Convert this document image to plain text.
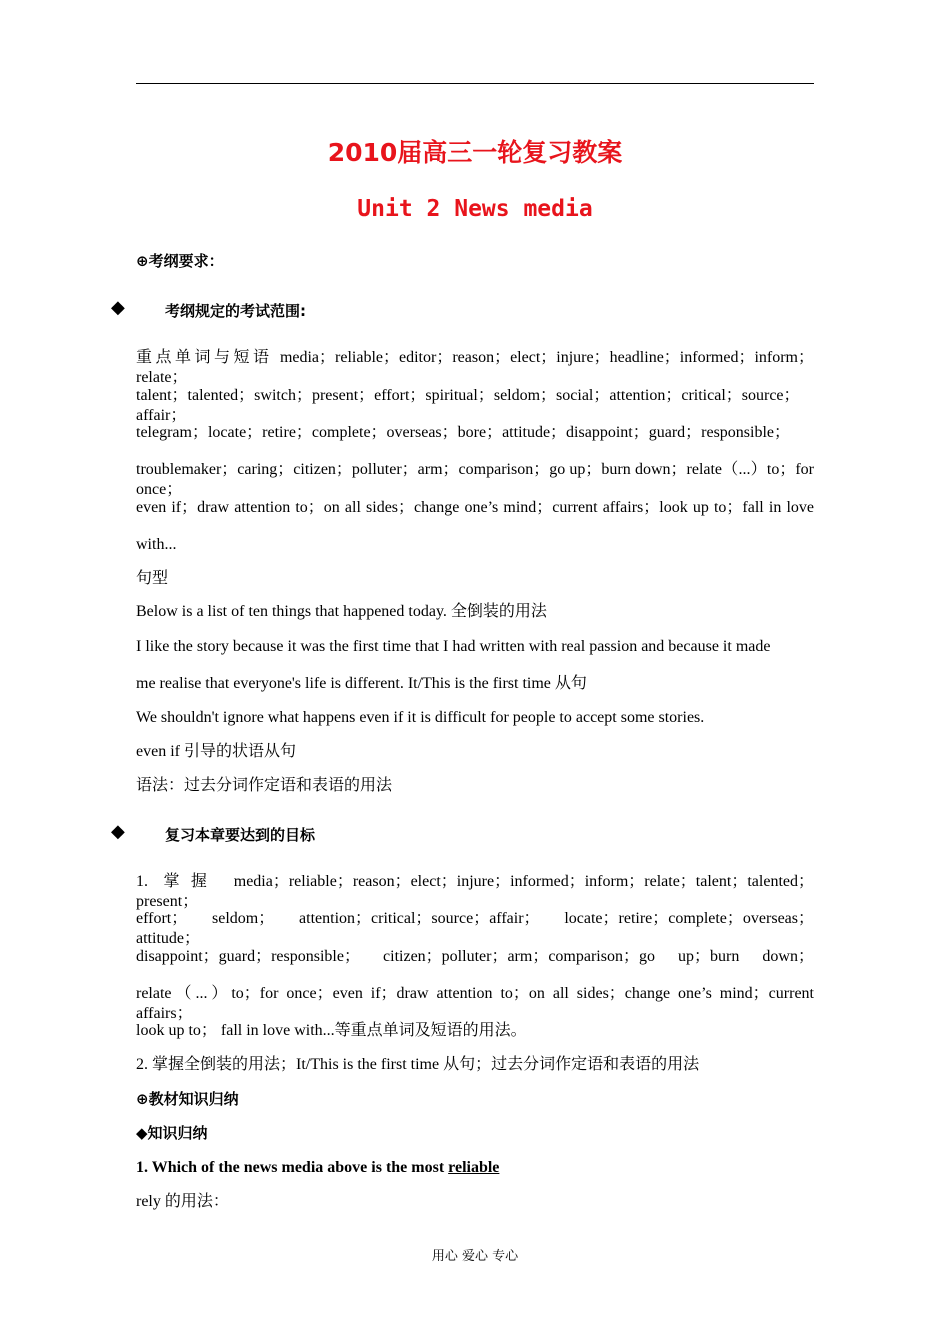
2010届高三一轮复习教案
Unit 2 News media
⊕考纲要求：
◆	考纲规定的考试范围:
重点单词与短语 media；reliable；editor；reason；elect；injure；headline；informed；inform；relate；
talent；talented；switch；present；effort；spiritual；seldom；social；attention；critical；source；affair；
telegram；locate；retire；complete；overseas；bore；attitude；disappoint；guard；responsible；
troublemaker；caring；citizen；polluter；arm；comparison；go up；burn down；relate（...）to；for once；
even if；draw attention to；on all sides；change one’s mind；current affairs；look up to；fall in love
with...
句型
Below is a list of ten things that happened today. 全倒装的用法
I like the story because it was the first time that I had written with real passion and because it made
me realise that everyone's life is different. It/This is the first time 从句
We shouldn't ignore what happens even if it is difficult for people to accept some stories.
even if 引导的状语从句
语法：过去分词作定语和表语的用法
◆	复习本章要达到的目标
1. 掌握 media；reliable；reason；elect；injure；informed；inform；relate；talent；talented；present；
effort； seldom； attention；critical；source；affair； locate；retire；complete；overseas； attitude；
disappoint；guard；responsible； citizen；polluter；arm；comparison；go up；burn down；
relate（...）to；for once；even if；draw attention to；on all sides；change one’s mind；current affairs；
look up to； fall in love with...等重点单词及短语的用法。
2. 掌握全倒装的用法；It/This is the first time 从句；过去分词作定语和表语的用法
⊕教材知识归纳
◆知识归纳
1. Which of the news media above is the most reliable
rely 的用法：
用心 爱心 专心
